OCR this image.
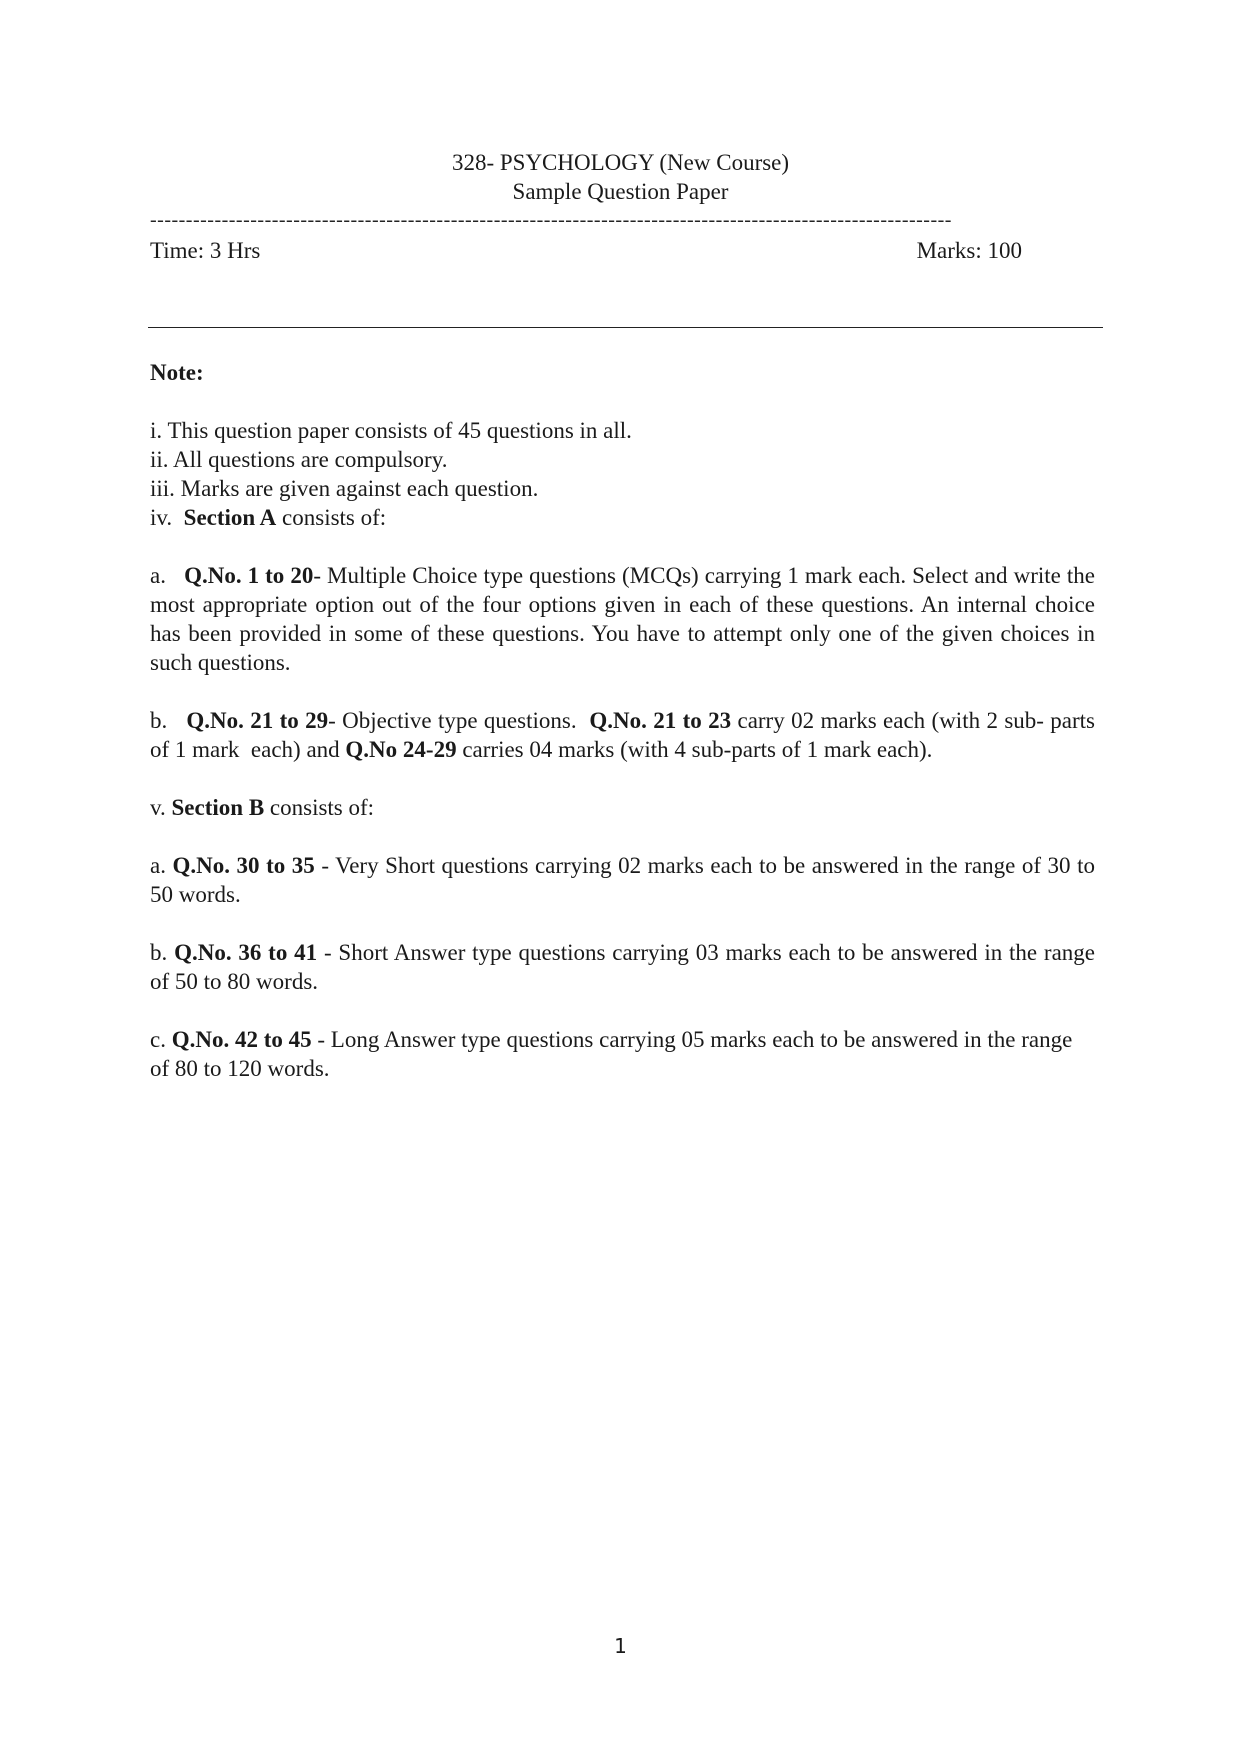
328- PSYCHOLOGY (New Course)
Sample Question Paper
----------------------------------------------------------------------------------------------------------------
Time: 3 Hrs	Marks: 100

Note:

i. This question paper consists of 45 questions in all.

ii. All questions are compulsory.

iii. Marks are given against each question.

iv.  Section A consists of:

a.   Q.No. 1 to 20- Multiple Choice type questions (MCQs) carrying 1 mark each. Select and write the most appropriate option out of the four options given in each of these questions. An internal choice has been provided in some of these questions. You have to attempt only one of the given choices in such questions.

b.   Q.No. 21 to 29- Objective type questions.  Q.No. 21 to 23 carry 02 marks each (with 2 sub- parts of 1 mark  each) and Q.No 24-29 carries 04 marks (with 4 sub-parts of 1 mark each).

v. Section B consists of:

a. Q.No. 30 to 35 - Very Short questions carrying 02 marks each to be answered in the range of 30 to 50 words.

b. Q.No. 36 to 41 - Short Answer type questions carrying 03 marks each to be answered in the range of 50 to 80 words.

c. Q.No. 42 to 45 - Long Answer type questions carrying 05 marks each to be answered in the range of 80 to 120 words.

1
